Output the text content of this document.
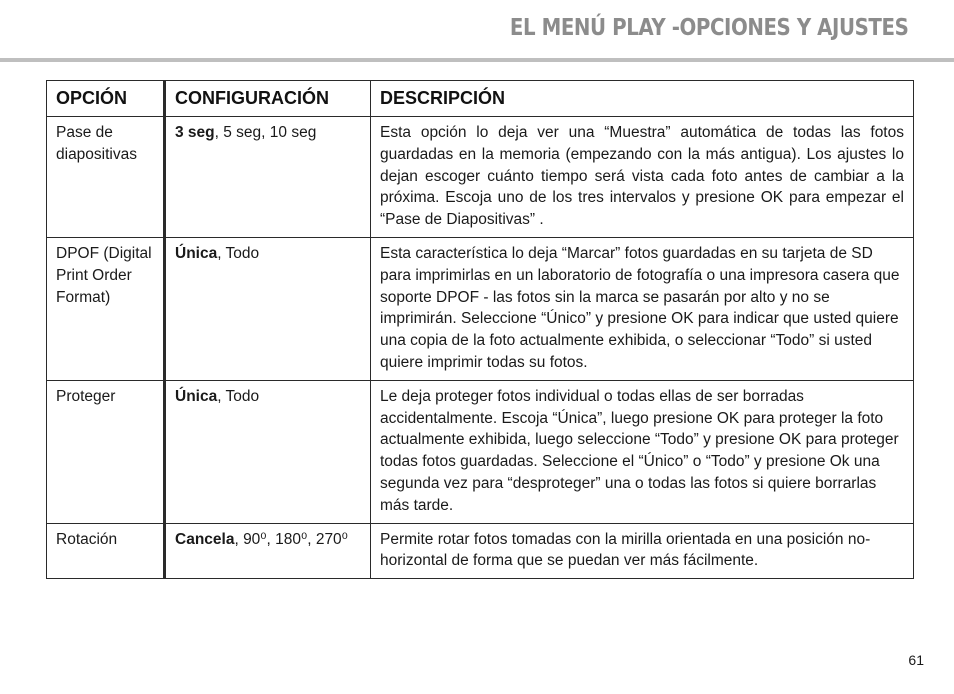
EL MENÚ PLAY -OPCIONES Y AJUSTES
OPCIÓN	CONFIGURACIÓN	DESCRIPCIÓN
Pase de diapositivas	3 seg, 5 seg, 10 seg	Esta opción lo deja ver una “Muestra” automática de todas las fotos guardadas en la memoria (empezando con la más antigua). Los ajustes lo dejan escoger cuánto tiempo será vista cada foto antes de cambiar a la próxima. Escoja uno de los tres intervalos y presione OK para empezar el “Pase de Diapositivas” .
DPOF (Digital Print Order Format)	Única, Todo	Esta característica lo deja “Marcar” fotos guardadas en su tarjeta de SD para imprimirlas en un laboratorio de fotografía o una impresora casera que soporte DPOF - las fotos sin la marca se pasarán por alto y no se imprimirán. Seleccione “Único” y presione OK para indicar que usted quiere una copia de la foto actualmente exhibida, o seleccionar “Todo” si usted quiere imprimir todas su fotos.
Proteger	Única, Todo	Le deja proteger fotos individual o todas ellas de ser borradas accidentalmente. Escoja “Única”, luego presione OK para proteger la foto actualmente exhibida, luego seleccione “Todo” y presione OK para proteger todas fotos guardadas. Seleccione el “Único” o “Todo” y presione Ok una segunda vez para “desproteger” una o todas las fotos si quiere borrarlas más tarde.
Rotación	Cancela, 90⁰, 180⁰, 270⁰	Permite rotar fotos tomadas con la mirilla orientada en una posición no-horizontal de forma que se puedan ver más fácilmente.
61
